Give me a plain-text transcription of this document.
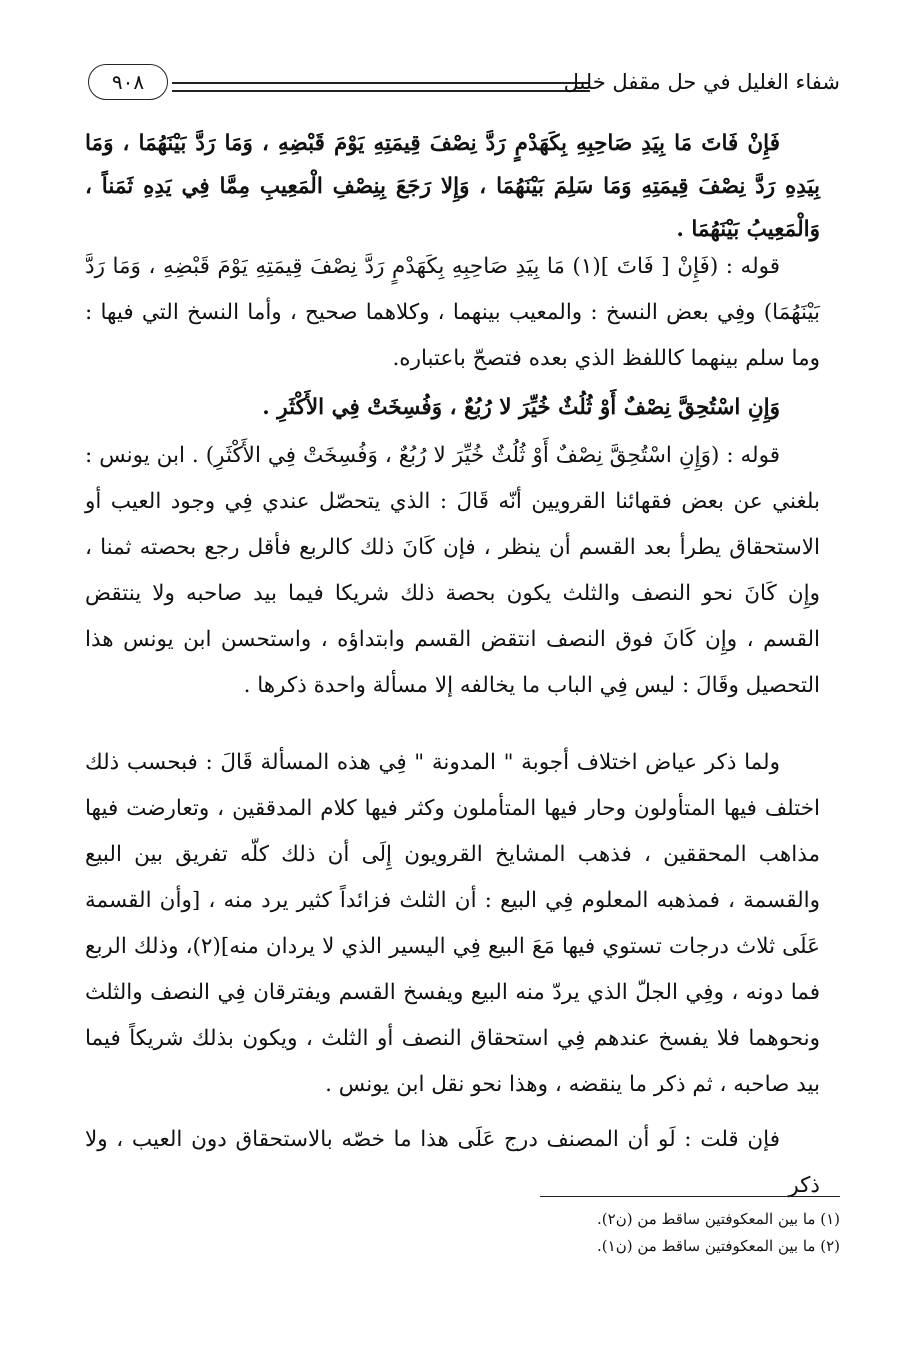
٩٠٨	شفاء الغليل في حل مقفل خليل
فَإِنْ فَاتَ مَا بِيَدِ صَاحِبِهِ بِكَهَدْمٍ رَدَّ نِصْفَ قِيمَتِهِ يَوْمَ قَبْضِهِ ، وَمَا رَدَّ بَيْنَهُمَا ، وَمَا بِيَدِهِ رَدَّ نِصْفَ قِيمَتِهِ وَمَا سَلِمَ بَيْنَهُمَا ، وَإِلا رَجَعَ بِنِصْفِ الْمَعِيبِ مِمَّا فِي يَدِهِ ثَمَناً ، وَالْمَعِيبُ بَيْنَهُمَا .
قوله : (فَإِنْ [ فَاتَ ](١) مَا بِيَدِ صَاحِبِهِ بِكَهَدْمٍ رَدَّ نِصْفَ قِيمَتِهِ يَوْمَ قَبْضِهِ ، وَمَا رَدَّ بَيْنَهُمَا) وفِي بعض النسخ : والمعيب بينهما ، وكلاهما صحيح ، وأما النسخ التي فيها : وما سلم بينهما كاللفظ الذي بعده فتصحّ باعتباره.
وَإِنِ اسْتُحِقَّ نِصْفٌ أَوْ ثُلُثٌ خُيِّرَ لا رُبُعٌ ، وَفُسِخَتْ فِي الأَكْثَرِ .
قوله : (وَإِنِ اسْتُحِقَّ نِصْفٌ أَوْ ثُلُثٌ خُيِّرَ لا رُبُعٌ ، وَفُسِخَتْ فِي الأَكْثَرِ) . ابن يونس : بلغني عن بعض فقهائنا القرويين أنّه قَالَ : الذي يتحصّل عندي فِي وجود العيب أو الاستحقاق يطرأ بعد القسم أن ينظر ، فإن كَانَ ذلك كالربع فأقل رجع بحصته ثمنا ، وإِن كَانَ نحو النصف والثلث يكون بحصة ذلك شريكا فيما بيد صاحبه ولا ينتقض القسم ، وإِن كَانَ فوق النصف انتقض القسم وابتداؤه ، واستحسن ابن يونس هذا التحصيل وقَالَ : ليس فِي الباب ما يخالفه إلا مسألة واحدة ذكرها .
ولما ذكر عياض اختلاف أجوبة " المدونة " فِي هذه المسألة قَالَ : فبحسب ذلك اختلف فيها المتأولون وحار فيها المتأملون وكثر فيها كلام المدققين ، وتعارضت فيها مذاهب المحققين ، فذهب المشايخ القرويون إِلَى أن ذلك كلّه تفريق بين البيع والقسمة ، فمذهبه المعلوم فِي البيع : أن الثلث فزائداً كثير يرد منه ، [وأن القسمة عَلَى ثلاث درجات تستوي فيها مَعَ البيع فِي اليسير الذي لا يردان منه](٢)، وذلك الربع فما دونه ، وفِي الجلّ الذي يردّ منه البيع ويفسخ القسم ويفترقان فِي النصف والثلث ونحوهما فلا يفسخ عندهم فِي استحقاق النصف أو الثلث ، ويكون بذلك شريكاً فيما بيد صاحبه ، ثم ذكر ما ينقضه ، وهذا نحو نقل ابن يونس .
فإن قلت : لَو أن المصنف درج عَلَى هذا ما خصّه بالاستحقاق دون العيب ، ولا ذكر
(١) ما بين المعكوفتين ساقط من (ن٢).
(٢) ما بين المعكوفتين ساقط من (ن١).
